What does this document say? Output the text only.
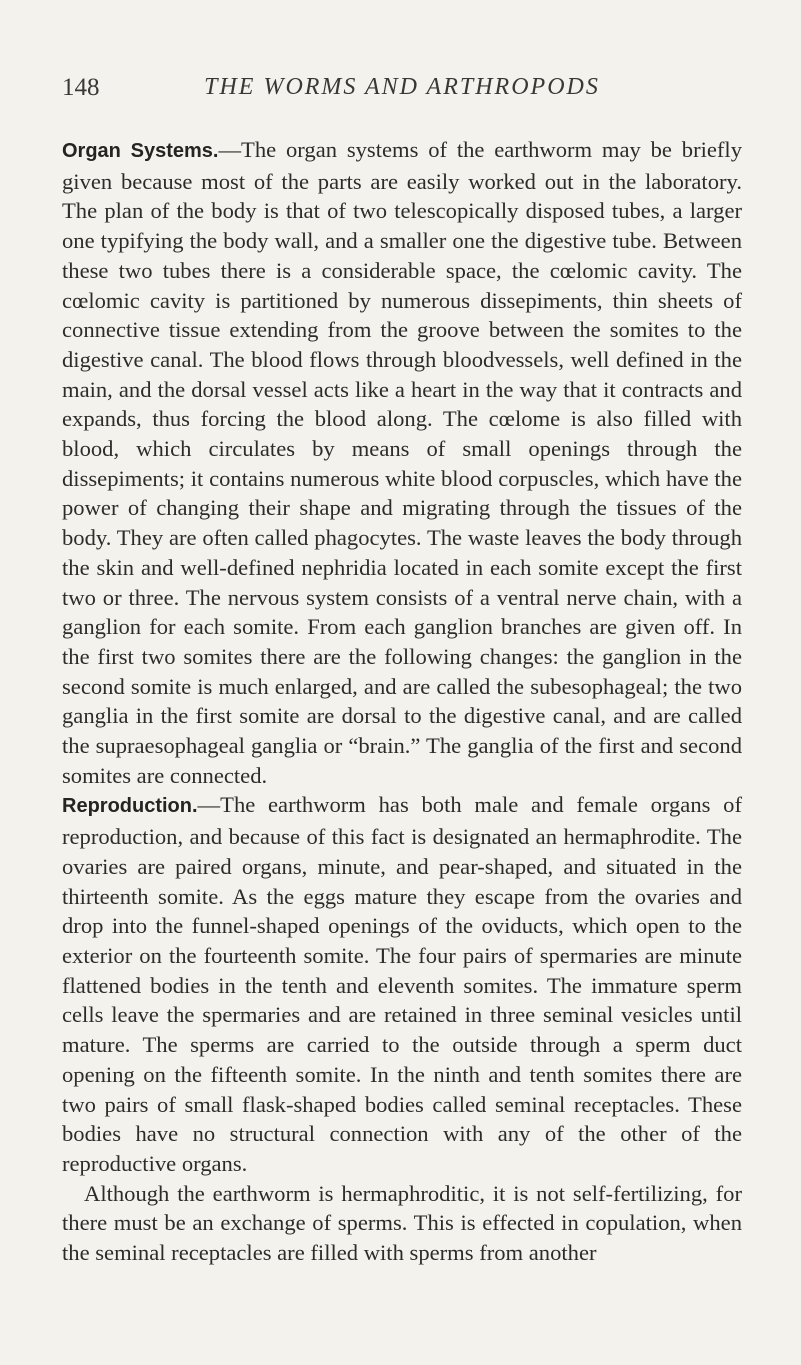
148	THE WORMS AND ARTHROPODS

Organ Systems.—The organ systems of the earthworm may be briefly given because most of the parts are easily worked out in the laboratory. The plan of the body is that of two telescopically disposed tubes, a larger one typifying the body wall, and a smaller one the digestive tube. Between these two tubes there is a considerable space, the cœlomic cavity. The cœlomic cavity is partitioned by numerous dissepiments, thin sheets of connective tissue extending from the groove between the somites to the digestive canal. The blood flows through bloodvessels, well defined in the main, and the dorsal vessel acts like a heart in the way that it contracts and expands, thus forcing the blood along. The cœlome is also filled with blood, which circulates by means of small openings through the dissepiments; it contains numerous white blood corpuscles, which have the power of changing their shape and migrating through the tissues of the body. They are often called phagocytes. The waste leaves the body through the skin and well-defined nephridia located in each somite except the first two or three. The nervous system consists of a ventral nerve chain, with a ganglion for each somite. From each ganglion branches are given off. In the first two somites there are the following changes: the ganglion in the second somite is much enlarged, and are called the subesophageal; the two ganglia in the first somite are dorsal to the digestive canal, and are called the supraesophageal ganglia or “brain.” The ganglia of the first and second somites are connected.

Reproduction.—The earthworm has both male and female organs of reproduction, and because of this fact is designated an hermaphrodite. The ovaries are paired organs, minute, and pear-shaped, and situated in the thirteenth somite. As the eggs mature they escape from the ovaries and drop into the funnel-shaped openings of the oviducts, which open to the exterior on the fourteenth somite. The four pairs of spermaries are minute flattened bodies in the tenth and eleventh somites. The immature sperm cells leave the spermaries and are retained in three seminal vesicles until mature. The sperms are carried to the outside through a sperm duct opening on the fifteenth somite. In the ninth and tenth somites there are two pairs of small flask-shaped bodies called seminal receptacles. These bodies have no structural connection with any of the other of the reproductive organs.

Although the earthworm is hermaphroditic, it is not self-fertilizing, for there must be an exchange of sperms. This is effected in copulation, when the seminal receptacles are filled with sperms from another
